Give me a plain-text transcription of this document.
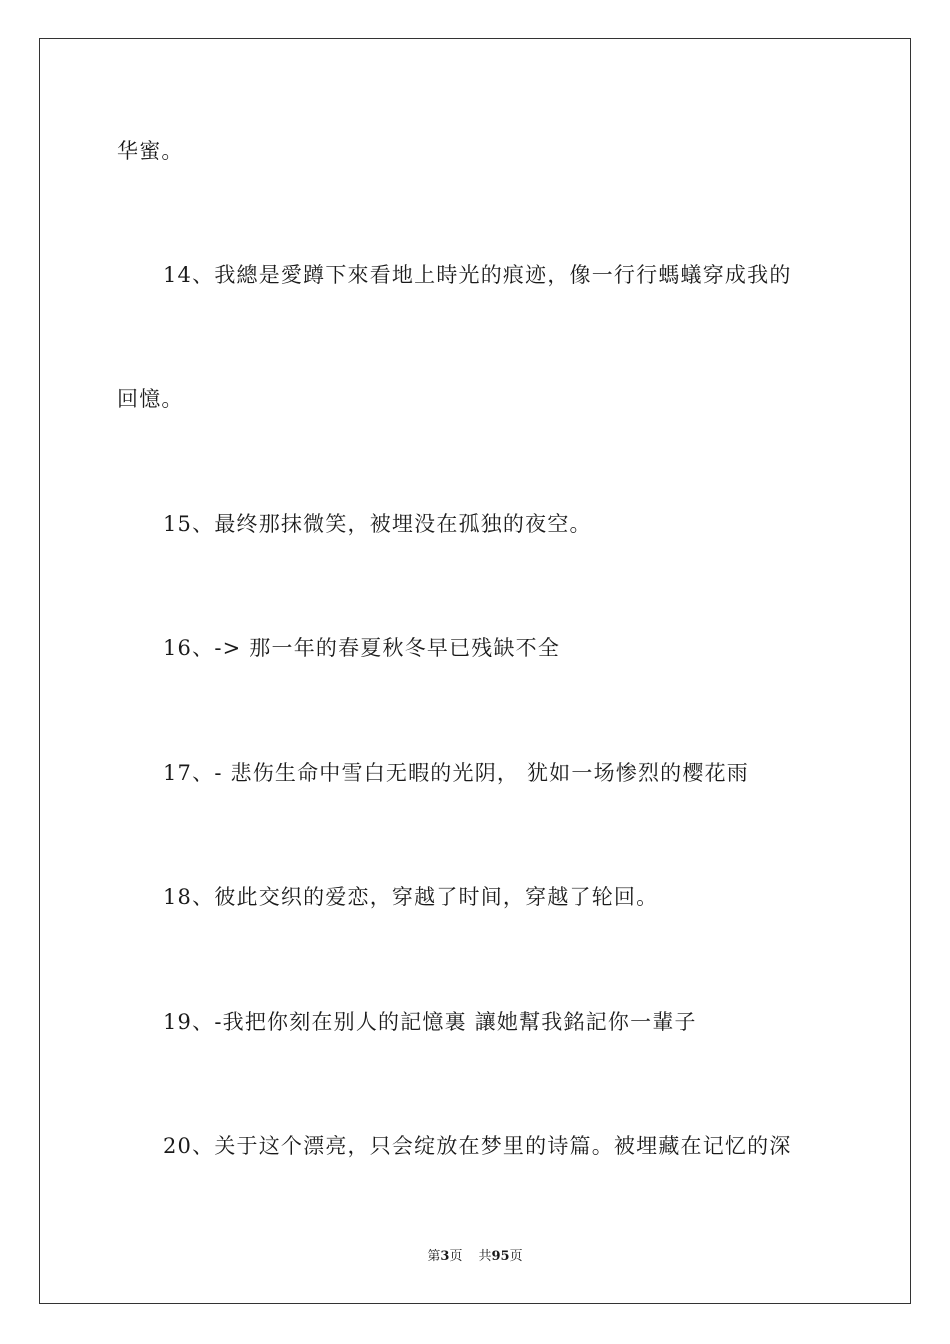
华蜜。
14、我總是愛蹲下來看地上時光的痕迹，像一行行螞蟻穿成我的
回憶。
15、最终那抹微笑，被埋没在孤独的夜空。
16、-> 那一年的春夏秋冬早已残缺不全
17、- 悲伤生命中雪白无暇的光阴， 犹如一场惨烈的樱花雨
18、彼此交织的爱恋，穿越了时间，穿越了轮回。
19、-我把你刻在别人的記憶裏 讓她幫我銘記你一輩子
20、关于这个漂亮，只会绽放在梦里的诗篇。被埋藏在记忆的深
第3页 共95页
